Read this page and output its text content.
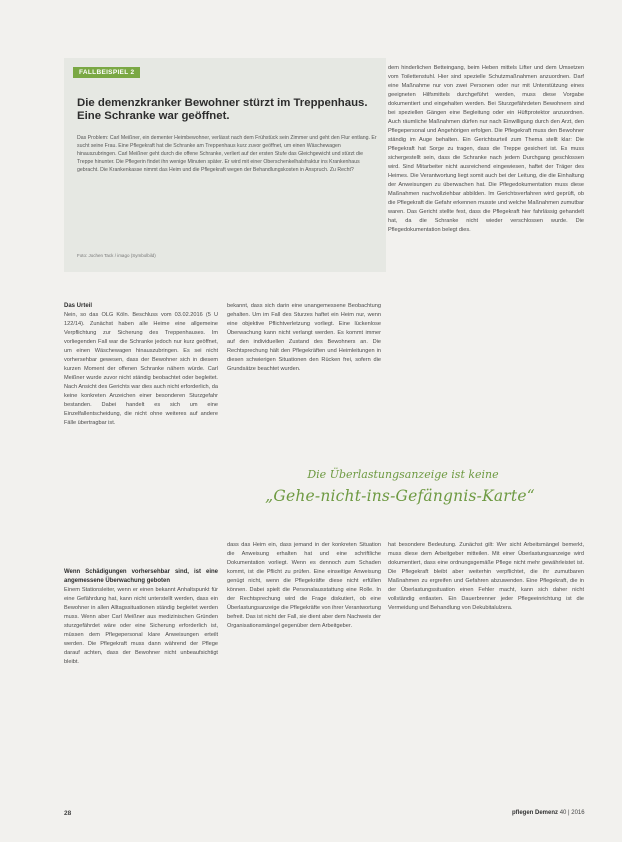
FALLBEISPIEL 2
Die demenzkranker Bewohner stürzt im Treppenhaus.
Eine Schranke war geöffnet.
Das Problem: Carl Meißner, ein dementer Heimbewohner, verlässt nach dem Frühstück sein Zimmer und geht den Flur entlang. Er sucht seine Frau. Eine Pflegekraft hat die Schranke am Treppenhaus kurz zuvor geöffnet, um einen Wäschewagen hinauszubringen. Carl Meißner geht durch die offene Schranke, verliert auf der ersten Stufe das Gleichgewicht und stürzt die Treppe hinunter. Die Pflegerin findet ihn wenige Minuten später. Er wird mit einer Oberschenkelhalsfraktur ins Krankenhaus gebracht. Die Krankenkasse nimmt das Heim und die Pflegekraft wegen der Behandlungskosten in Anspruch. Zu Recht?
Foto: Jochen Tack / imago (Symbolbild)

dem hinderlichen Betteingang, beim Heben mittels Lifter und dem Umsetzen vom Toilettenstuhl. Hier sind spezielle Schutzmaßnahmen anzuordnen. Darf eine Maßnahme nur von zwei Personen oder nur mit Unterstützung eines geeigneten Hilfsmittels durchgeführt werden, muss diese Vorgabe dokumentiert und eingehalten werden. Bei Sturzgefährdeten Bewohnern sind bei speziellen Gängen eine Begleitung oder ein Hüftprotektor anzuordnen. Auch räumliche Maßnahmen dürfen nur nach Einwilligung durch den Arzt, den Pflegepersonal und Angehörigen erfolgen. Die Pflegekraft muss den Bewohner ständig im Auge behalten. Ein Gerichtsurteil zum Thema stellt klar: Die Pflegekraft hat Sorge zu tragen, dass die Treppe gesichert ist. Es muss sichergestellt sein, dass die Schranke nach jedem Durchgang geschlossen wird. Sind Mitarbeiter nicht ausreichend eingewiesen, haftet der Träger des Heimes. Die Verantwortung liegt somit auch bei der Leitung, die die Einhaltung der Anweisungen zu überwachen hat. Die Pflegedokumentation muss diese Maßnahmen nachvollziehbar abbilden. Im Gerichtsverfahren wird geprüft, ob die Pflegekraft die Gefahr erkennen musste und welche Maßnahmen zumutbar waren. Das Gericht stellte fest, dass die Pflegekraft hier fahrlässig gehandelt hat, da die Schranke nicht wieder verschlossen wurde. Die Pflegedokumentation belegt dies.

Das Urteil

Nein, so das OLG Köln. Beschluss vom 03.02.2016 (5 U 122/14). Zunächst haben alle Heime eine allgemeine Verpflichtung zur Sicherung des Treppenhauses. Im vorliegenden Fall war die Schranke jedoch nur kurz geöffnet, um einen Wäschewagen hinauszubringen. Es sei nicht vorhersehbar gewesen, dass der Bewohner sich in diesem kurzen Moment der offenen Schranke nähern würde. Carl Meißner wurde zuvor nicht ständig beobachtet oder begleitet. Nach Ansicht des Gerichts war dies auch nicht erforderlich, da keine konkreten Anzeichen einer besonderen Sturzgefahr bestanden. Dabei handelt es sich um eine Einzelfallentscheidung, die nicht ohne weiteres auf andere Fälle übertragbar ist.

bekannt, dass sich darin eine unangemessene Beobachtung gehalten. Um im Fall des Sturzes haftet ein Heim nur, wenn eine objektive Pflichtverletzung vorliegt. Eine lückenlose Überwachung kann nicht verlangt werden. Es kommt immer auf den individuellen Zustand des Bewohners an. Die Rechtsprechung hält den Pflegekräften und Heimleitungen in diesen schwierigen Situationen den Rücken frei, sofern die Grundsätze beachtet wurden.

Die Überlastungsanzeige ist keine
„Gehe-nicht-ins-Gefängnis-Karte“
Wenn Schädigungen vorhersehbar sind, ist eine angemessene Überwachung geboten

Einem Stationsleiter, wenn er einen bekannt Anhaltspunkt für eine Gefährdung hat, kann nicht unterstellt werden, dass ein Bewohner in allen Alltagssituationen ständig begleitet werden muss. Wenn aber Carl Meißner aus medizinischen Gründen sturzgefährdet wäre oder eine Sicherung erforderlich ist, müssen dem Pflegepersonal klare Anweisungen erteilt werden. Die Pflegekraft muss dann während der Pflege darauf achten, dass der Bewohner nicht unbeaufsichtigt bleibt.

dass das Heim ein, dass jemand in der konkreten Situation die Anweisung erhalten hat und eine schriftliche Dokumentation vorliegt. Wenn es dennoch zum Schaden kommt, ist die Pflicht zu prüfen. Eine einseitige Anweisung genügt nicht, wenn die Pflegekräfte diese nicht erfüllen können. Dabei spielt die Personalausstattung eine Rolle. In der Rechtsprechung wird die Frage diskutiert, ob eine Überlastungsanzeige die Pflegekräfte von ihrer Verantwortung befreit. Das ist nicht der Fall, sie dient aber dem Nachweis der Organisationsmängel gegenüber dem Arbeitgeber.

hat besondere Bedeutung. Zunächst gilt: Wer sicht Arbeitsmängel bemerkt, muss diese dem Arbeitgeber mitteilen. Mit einer Überlastungsanzeige wird dokumentiert, dass eine ordnungsgemäße Pflege nicht mehr gewährleistet ist. Die Pflegekraft bleibt aber weiterhin verpflichtet, die ihr zumutbaren Maßnahmen zu ergreifen und Gefahren abzuwenden. Eine Pflegekraft, die in der Überlastungssituation einen Fehler macht, kann sich daher nicht vollständig entlasten. Ein Dauerbrenner jeder Pflegeeinrichtung ist die Vermeidung und Behandlung von Dekubitalulzera.

28	pflegen Demenz 40 | 2016
